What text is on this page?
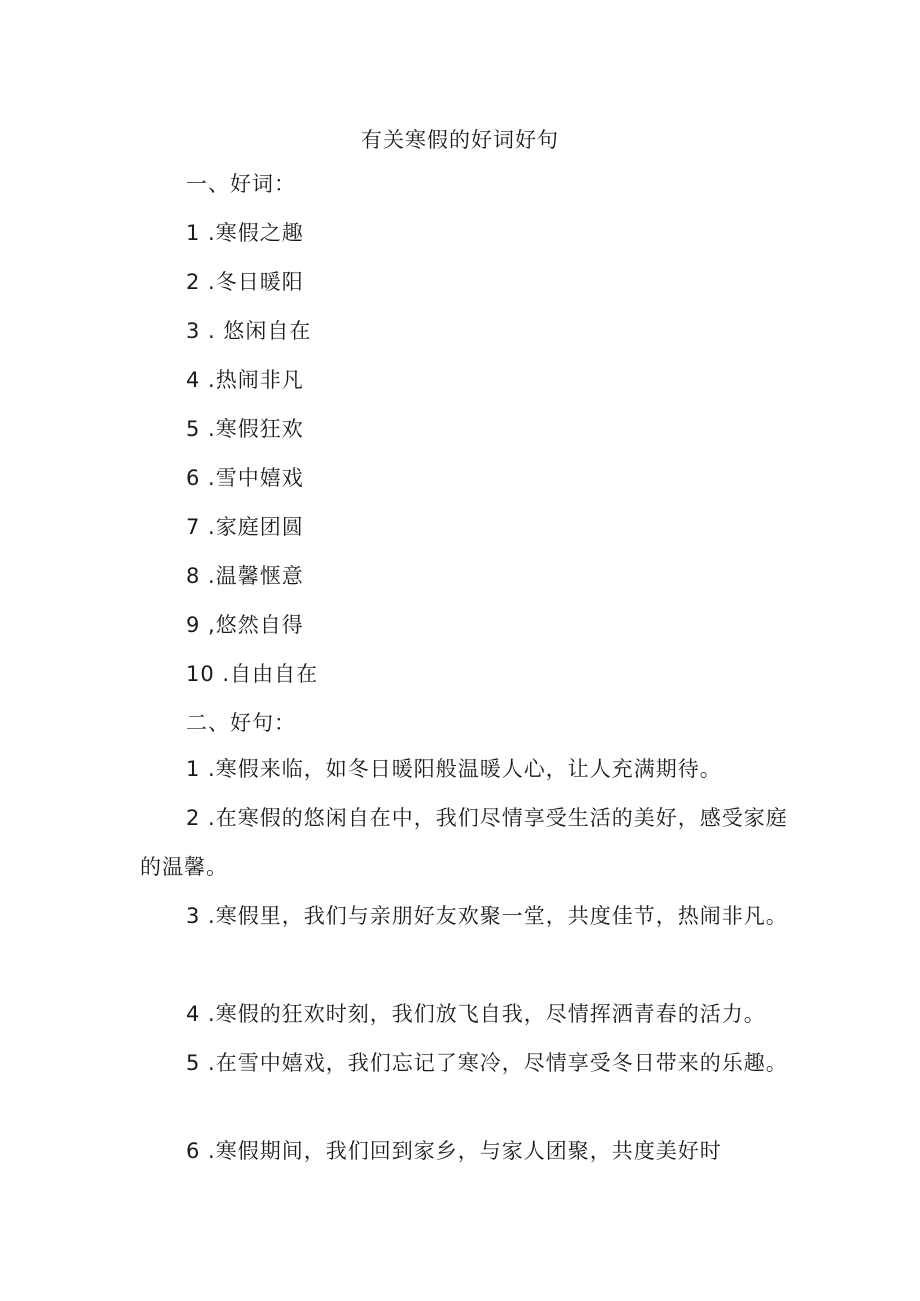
有关寒假的好词好句
一、好词：
1 .寒假之趣
2 .冬日暖阳
3 . 悠闲自在
4 .热闹非凡
5 .寒假狂欢
6 .雪中嬉戏
7 .家庭团圆
8 .温馨惬意
9 ,悠然自得
10 .自由自在
二、好句：
1 .寒假来临，如冬日暖阳般温暖人心，让人充满期待。
2 .在寒假的悠闲自在中，我们尽情享受生活的美好，感受家庭的温馨。
3 .寒假里，我们与亲朋好友欢聚一堂，共度佳节，热闹非凡。
4 .寒假的狂欢时刻，我们放飞自我，尽情挥洒青春的活力。
5 .在雪中嬉戏，我们忘记了寒冷，尽情享受冬日带来的乐趣。
6 .寒假期间，我们回到家乡，与家人团聚，共度美好时
